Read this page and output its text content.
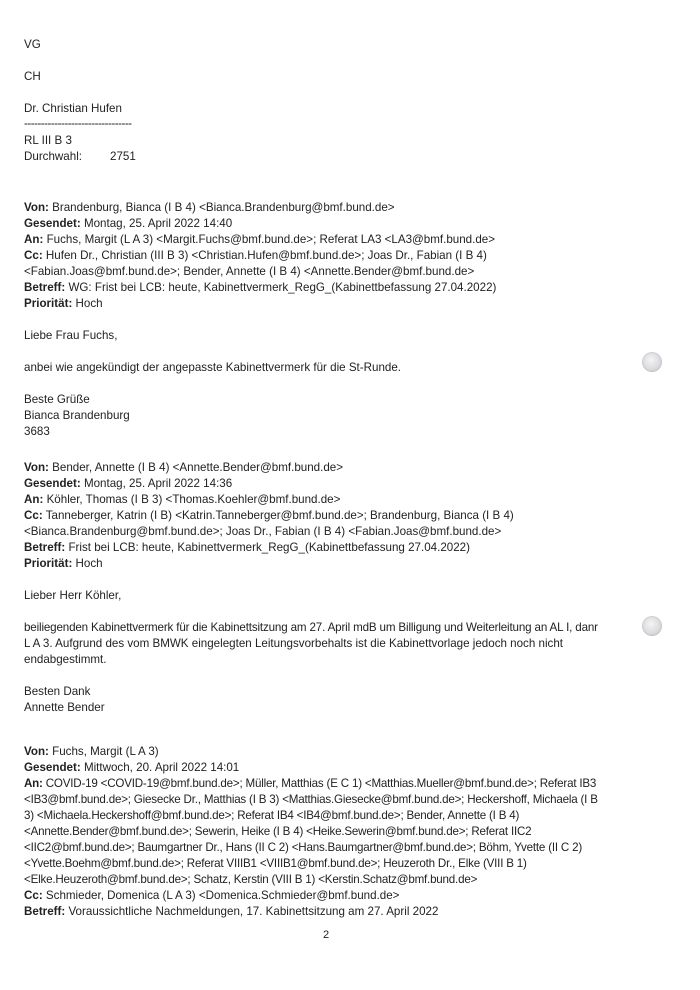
VG
CH
Dr. Christian Hufen
--------------------------------
RL III B 3
Durchwahl: 2751
Von: Brandenburg, Bianca (I B 4) <Bianca.Brandenburg@bmf.bund.de>
Gesendet: Montag, 25. April 2022 14:40
An: Fuchs, Margit (L A 3) <Margit.Fuchs@bmf.bund.de>; Referat LA3 <LA3@bmf.bund.de>
Cc: Hufen Dr., Christian (III B 3) <Christian.Hufen@bmf.bund.de>; Joas Dr., Fabian (I B 4)
<Fabian.Joas@bmf.bund.de>; Bender, Annette (I B 4) <Annette.Bender@bmf.bund.de>
Betreff: WG: Frist bei LCB: heute, Kabinettvermerk_RegG_(Kabinettbefassung 27.04.2022)
Priorität: Hoch
Liebe Frau Fuchs,
anbei wie angekündigt der angepasste Kabinettvermerk für die St-Runde.
Beste Grüße
Bianca Brandenburg
3683
Von: Bender, Annette (I B 4) <Annette.Bender@bmf.bund.de>
Gesendet: Montag, 25. April 2022 14:36
An: Köhler, Thomas (I B 3) <Thomas.Koehler@bmf.bund.de>
Cc: Tanneberger, Katrin (I B) <Katrin.Tanneberger@bmf.bund.de>; Brandenburg, Bianca (I B 4)
<Bianca.Brandenburg@bmf.bund.de>; Joas Dr., Fabian (I B 4) <Fabian.Joas@bmf.bund.de>
Betreff: Frist bei LCB: heute, Kabinettvermerk_RegG_(Kabinettbefassung 27.04.2022)
Priorität: Hoch
Lieber Herr Köhler,
beiliegenden Kabinettvermerk für die Kabinettsitzung am 27. April mdB um Billigung und Weiterleitung an AL I, danr
L A 3. Aufgrund des vom BMWK eingelegten Leitungsvorbehalts ist die Kabinettvorlage jedoch noch nicht
endabgestimmt.
Besten Dank
Annette Bender
Von: Fuchs, Margit (L A 3)
Gesendet: Mittwoch, 20. April 2022 14:01
An: COVID-19 <COVID-19@bmf.bund.de>; Müller, Matthias (E C 1) <Matthias.Mueller@bmf.bund.de>; Referat IB3
<IB3@bmf.bund.de>; Giesecke Dr., Matthias (I B 3) <Matthias.Giesecke@bmf.bund.de>; Heckershoff, Michaela (I B
3) <Michaela.Heckershoff@bmf.bund.de>; Referat IB4 <IB4@bmf.bund.de>; Bender, Annette (I B 4)
<Annette.Bender@bmf.bund.de>; Sewerin, Heike (I B 4) <Heike.Sewerin@bmf.bund.de>; Referat IIC2
<IIC2@bmf.bund.de>; Baumgartner Dr., Hans (II C 2) <Hans.Baumgartner@bmf.bund.de>; Böhm, Yvette (II C 2)
<Yvette.Boehm@bmf.bund.de>; Referat VIIIB1 <VIIIB1@bmf.bund.de>; Heuzeroth Dr., Elke (VIII B 1)
<Elke.Heuzeroth@bmf.bund.de>; Schatz, Kerstin (VIII B 1) <Kerstin.Schatz@bmf.bund.de>
Cc: Schmieder, Domenica (L A 3) <Domenica.Schmieder@bmf.bund.de>
Betreff: Voraussichtliche Nachmeldungen, 17. Kabinettsitzung am 27. April 2022
2
